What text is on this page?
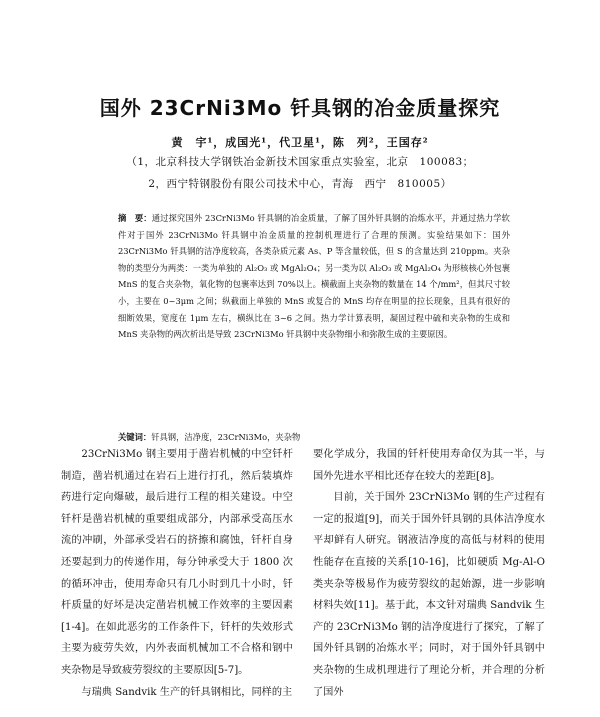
国外 23CrNi3Mo 钎具钢的冶金质量探究
黄　宇¹，成国光¹，代卫星¹，陈　列²，王国存²
（1，北京科技大学钢铁冶金新技术国家重点实验室，北京　100083；
2，西宁特钢股份有限公司技术中心，青海　西宁　810005）

摘　要：通过探究国外 23CrNi3Mo 钎具钢的冶金质量，了解了国外钎具钢的冶炼水平，并通过热力学软件对于国外 23CrNi3Mo 钎具钢中冶金质量的控制机理进行了合理的预测。实验结果如下：国外 23CrNi3Mo 钎具钢的洁净度较高，各类杂质元素 As、P 等含量较低，但 S 的含量达到 210ppm。夹杂物的类型分为两类：一类为单独的 Al₂O₃ 或 MgAl₂O₄；另一类为以 Al₂O₃ 或 MgAl₂O₄ 为形核核心外包裹 MnS 的复合夹杂物，氧化物的包裹率达到 70%以上。横截面上夹杂物的数量在 14 个/mm²，但其尺寸较小，主要在 0~3μm 之间；纵截面上单独的 MnS 或复合的 MnS 均存在明显的拉长现象，且具有很好的细断效果，宽度在 1μm 左右，横纵比在 3~6 之间。热力学计算表明，凝固过程中硫和夹杂物的生成和 MnS 夹杂物的两次析出是导致 23CrNi3Mo 钎具钢中夹杂物细小和弥散生成的主要原因。

关键词：钎具钢，洁净度，23CrNi3Mo，夹杂物

23CrNi3Mo 钢主要用于凿岩机械的中空钎杆制造，凿岩机通过在岩石上进行打孔，然后装填炸药进行定向爆破，最后进行工程的相关建设。中空钎杆是凿岩机械的重要组成部分，内部承受高压水流的冲刷，外部承受岩石的挤擦和腐蚀，钎杆自身还要起到力的传递作用，每分钟承受大于 1800 次的循环冲击，使用寿命只有几小时到几十小时，钎杆质量的好坏是决定凿岩机械工作效率的主要因素[1-4]。在如此恶劣的工作条件下，钎杆的失效形式主要为疲劳失效，内外表面机械加工不合格和钢中夹杂物是导致疲劳裂纹的主要原因[5-7]。

与瑞典 Sandvik 生产的钎具钢相比，同样的主

要化学成分，我国的钎杆使用寿命仅为其一半，与国外先进水平相比还存在较大的差距[8]。

目前，关于国外 23CrNi3Mo 钢的生产过程有一定的报道[9]，而关于国外钎具钢的具体洁净度水平却鲜有人研究。钢液洁净度的高低与材料的使用性能存在直接的关系[10-16]，比如硬质 Mg-Al-O 类夹杂等极易作为疲劳裂纹的起始源，进一步影响材料失效[11]。基于此，本文针对瑞典 Sandvik 生产的 23CrNi3Mo 钢的洁净度进行了探究，了解了国外钎具钢的冶炼水平；同时，对于国外钎具钢中夹杂物的生成机理进行了理论分析，并合理的分析了国外
